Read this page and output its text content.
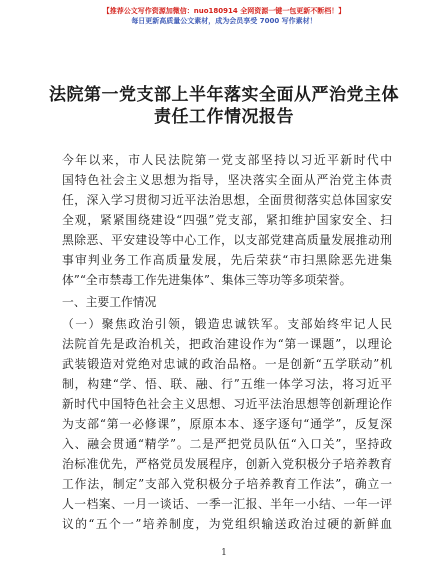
【推荐公文写作资源加微信：nuo180914 全网资源一键一包更新不断档！】
每日更新高质量公文素材，成为会员享受 7000 写作素材！
法院第一党支部上半年落实全面从严治党主体
责任工作情况报告
今年以来，市人民法院第一党支部坚持以习近平新时代中
国特色社会主义思想为指导，坚决落实全面从严治党主体责
任，深入学习贯彻习近平法治思想，全面贯彻落实总体国家安
全观，紧紧围绕建设“四强”党支部，紧扣维护国家安全、扫
黑除恶、平安建设等中心工作，以支部党建高质量发展推动刑
事审判业务工作高质量发展，先后荣获“市扫黑除恶先进集
体”“全市禁毒工作先进集体”、集体三等功等多项荣誉。
一、主要工作情况
（一）聚焦政治引领，锻造忠诚铁军。支部始终牢记人民
法院首先是政治机关，把政治建设作为“第一课题”，以理论
武装锻造对党绝对忠诚的政治品格。一是创新“五学联动”机
制，构建“学、悟、联、融、行”五维一体学习法，将习近平
新时代中国特色社会主义思想、习近平法治思想等创新理论作
为支部“第一必修课”，原原本本、逐字逐句“通学”，反复深
入、融会贯通“精学”。二是严把党员队伍“入口关”，坚持政
治标准优先，严格党员发展程序，创新入党积极分子培养教育
工作法，制定”支部入党积极分子培养教育工作法”，确立一
人一档案、一月一谈话、一季一汇报、半年一小结、一年一评
议的“五个一”培养制度，为党组织输送政治过硬的新鲜血
1
